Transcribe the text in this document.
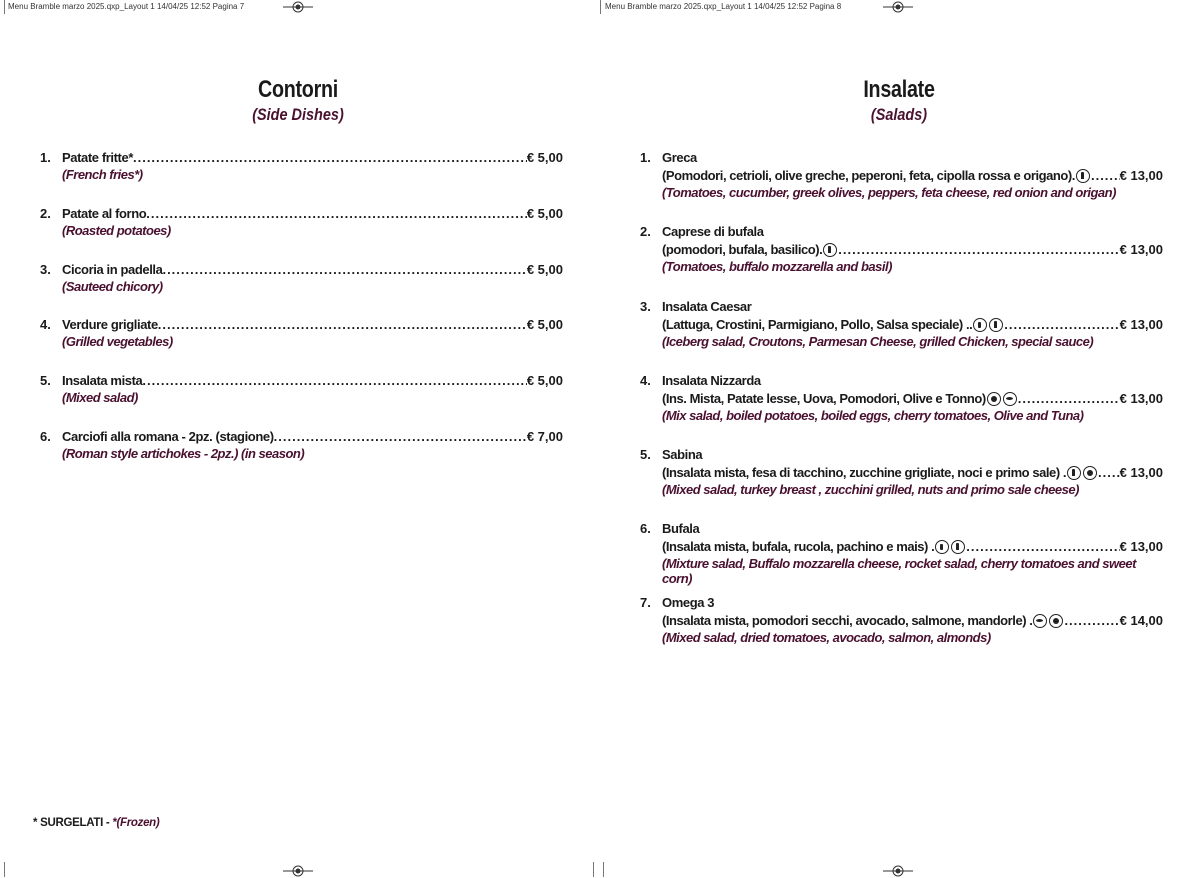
Menu Bramble marzo 2025.qxp_Layout 1 14/04/25 12:52 Pagina 7	Menu Bramble marzo 2025.qxp_Layout 1 14/04/25 12:52 Pagina 8
Contorni
(Side Dishes)
1. Patate fritte* .....	€ 5,00
(French fries*)
2. Patate al forno .....	€ 5,00
(Roasted potatoes)
3. Cicoria in padella .....	€ 5,00
(Sauteed chicory)
4. Verdure grigliate .....	€ 5,00
(Grilled vegetables)
5. Insalata mista .....	€ 5,00
(Mixed salad)
6. Carciofi alla romana - 2pz. (stagione) .....	€ 7,00
(Roman style artichokes - 2pz.) (in season)
* SURGELATI - *(Frozen)
Insalate
(Salads)
1. Greca
(Pomodori, cetrioli, olive greche, peperoni, feta, cipolla rossa e origano). .....	€ 13,00
(Tomatoes, cucumber, greek olives, peppers, feta cheese, red onion and origan)
2. Caprese di bufala
(pomodori, bufala, basilico). .....	€ 13,00
(Tomatoes, buffalo mozzarella and basil)
3. Insalata Caesar
(Lattuga, Crostini, Parmigiano, Pollo, Salsa speciale) .. .....	€ 13,00
(Iceberg salad, Croutons, Parmesan Cheese, grilled Chicken, special sauce)
4. Insalata Nizzarda
(Ins. Mista, Patate lesse, Uova, Pomodori, Olive e Tonno) .....	€ 13,00
(Mix salad, boiled potatoes, boiled eggs, cherry tomatoes, Olive and Tuna)
5. Sabina
(Insalata mista, fesa di tacchino, zucchine grigliate, noci e primo sale) . .....	€ 13,00
(Mixed salad, turkey breast , zucchini grilled, nuts and primo sale cheese)
6. Bufala
(Insalata mista, bufala, rucola, pachino e mais) . .....	€ 13,00
(Mixture salad, Buffalo mozzarella cheese, rocket salad, cherry tomatoes and sweet corn)
7. Omega 3
(Insalata mista, pomodori secchi, avocado, salmone, mandorle) . .....	€ 14,00
(Mixed salad, dried tomatoes, avocado, salmon, almonds)
